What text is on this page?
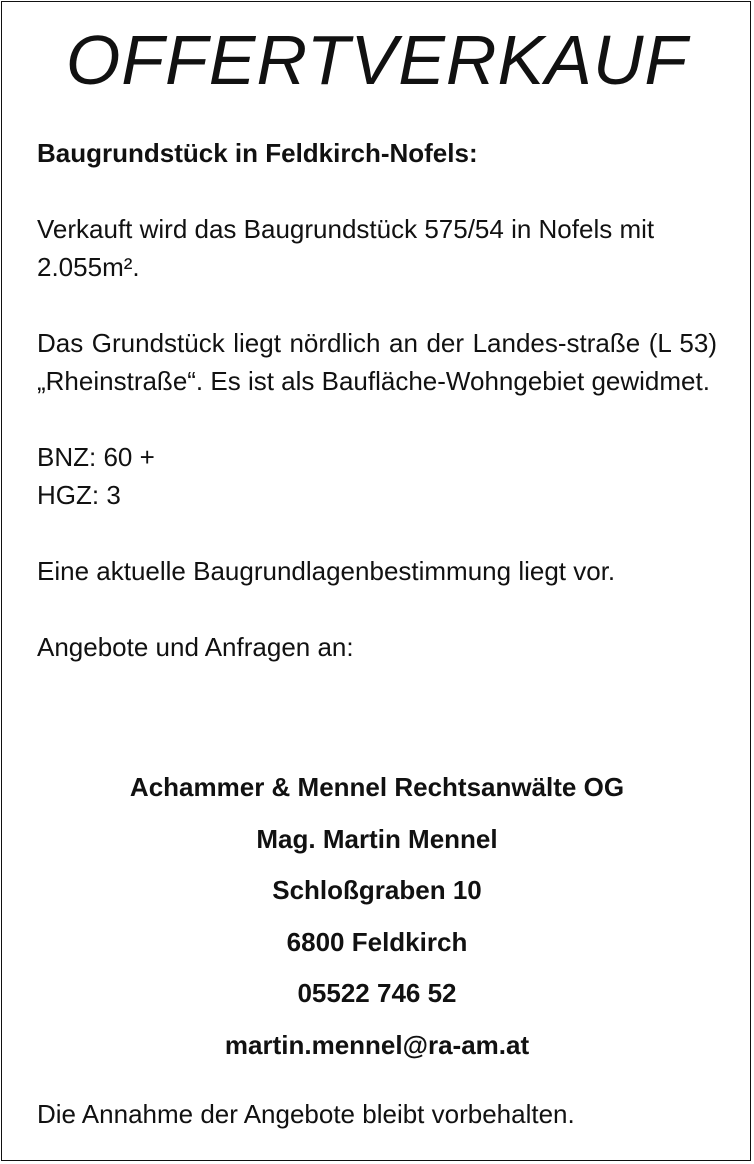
OFFERTVERKAUF
Baugrundstück in Feldkirch-Nofels:
Verkauft wird das Baugrundstück 575/54 in Nofels mit 2.055m².
Das Grundstück liegt nördlich an der Landes-straße (L 53) „Rheinstraße“. Es ist als Baufläche-Wohngebiet gewidmet.
BNZ: 60 +
HGZ: 3
Eine aktuelle Baugrundlagenbestimmung liegt vor.
Angebote und Anfragen an:
Achammer & Mennel Rechtsanwälte OG
Mag. Martin Mennel
Schloßgraben 10
6800 Feldkirch
05522 746 52
martin.mennel@ra-am.at
Die Annahme der Angebote bleibt vorbehalten.
